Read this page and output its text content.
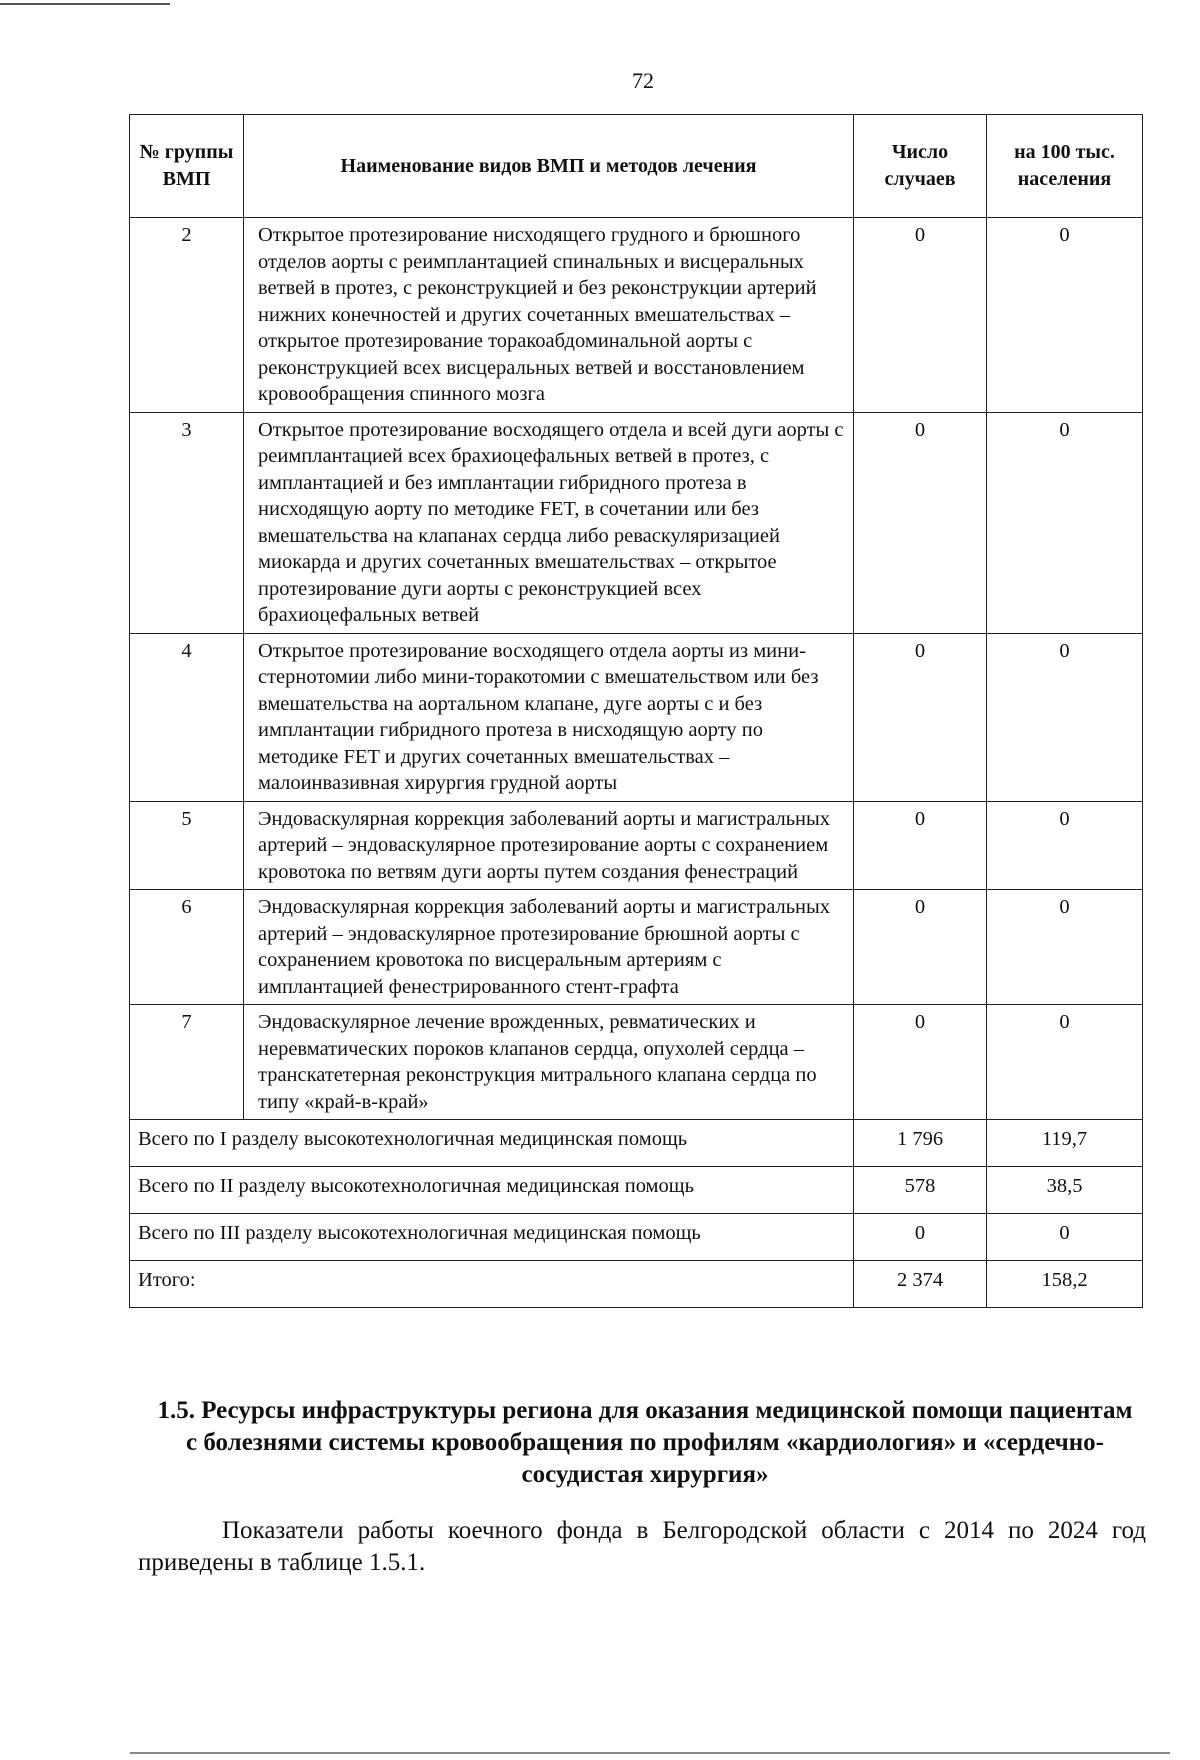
72
№ группы ВМП	Наименование видов ВМП и методов лечения	Число случаев	на 100 тыс. населения
2	Открытое протезирование нисходящего грудного и брюшного отделов аорты с реимплантацией спинальных и висцеральных ветвей в протез, с реконструкцией и без реконструкции артерий нижних конечностей и других сочетанных вмешательствах – открытое протезирование торакоабдоминальной аорты с реконструкцией всех висцеральных ветвей и восстановлением кровообращения спинного мозга	0	0
3	Открытое протезирование восходящего отдела и всей дуги аорты с реимплантацией всех брахиоцефальных ветвей в протез, с имплантацией и без имплантации гибридного протеза в нисходящую аорту по методике FET, в сочетании или без вмешательства на клапанах сердца либо реваскуляризацией миокарда и других сочетанных вмешательствах – открытое протезирование дуги аорты с реконструкцией всех брахиоцефальных ветвей	0	0
4	Открытое протезирование восходящего отдела аорты из мини-стернотомии либо мини-торакотомии с вмешательством или без вмешательства на аортальном клапане, дуге аорты с и без имплантации гибридного протеза в нисходящую аорту по методике FET и других сочетанных вмешательствах – малоинвазивная хирургия грудной аорты	0	0
5	Эндоваскулярная коррекция заболеваний аорты и магистральных артерий – эндоваскулярное протезирование аорты с сохранением кровотока по ветвям дуги аорты путем создания фенестраций	0	0
6	Эндоваскулярная коррекция заболеваний аорты и магистральных артерий – эндоваскулярное протезирование брюшной аорты с сохранением кровотока по висцеральным артериям с имплантацией фенестрированного стент-графта	0	0
7	Эндоваскулярное лечение врожденных, ревматических и неревматических пороков клапанов сердца, опухолей сердца – транскатетерная реконструкция митрального клапана сердца по типу «край-в-край»	0	0
Всего по I разделу высокотехнологичная медицинская помощь		1 796	119,7
Всего по II разделу высокотехнологичная медицинская помощь		578	38,5
Всего по III разделу высокотехнологичная медицинская помощь		0	0
Итого:		2 374	158,2
1.5. Ресурсы инфраструктуры региона для оказания медицинской помощи пациентам с болезнями системы кровообращения по профилям «кардиология» и «сердечно-сосудистая хирургия»
Показатели работы коечного фонда в Белгородской области с 2014 по 2024 год приведены в таблице 1.5.1.
